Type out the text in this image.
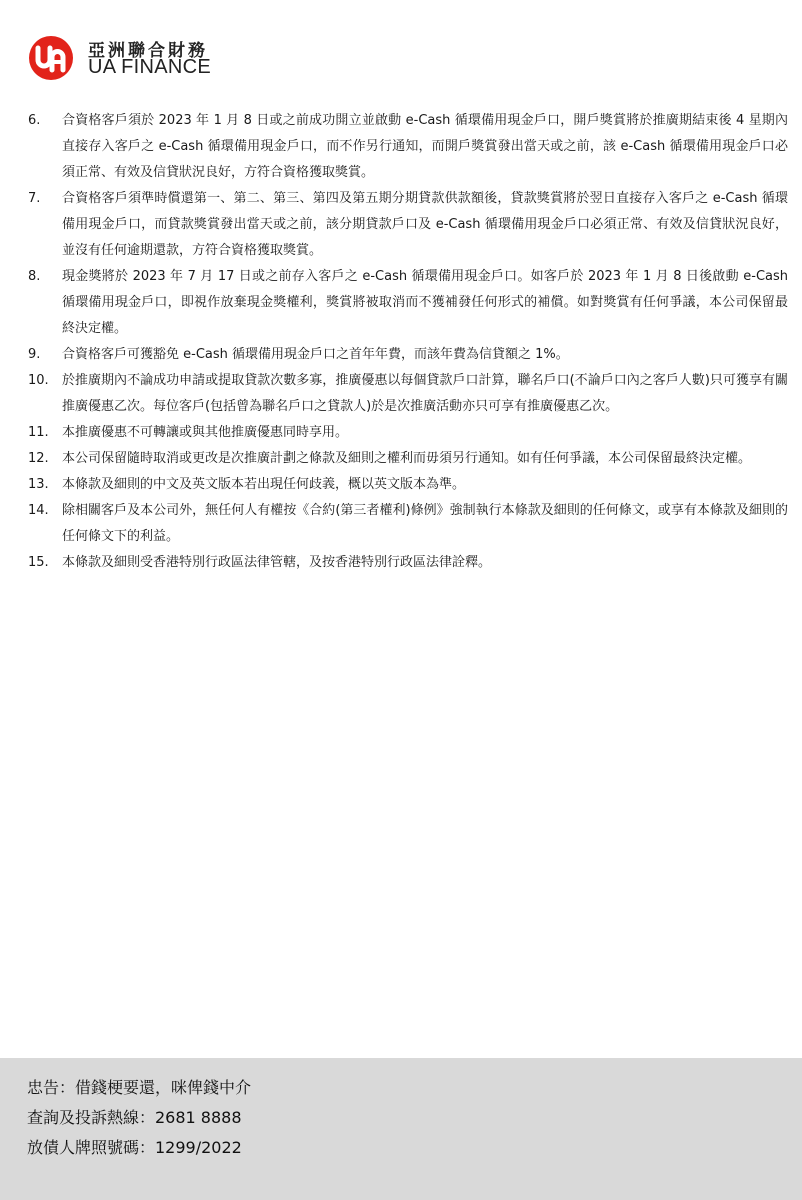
亞洲聯合財務
UA FINANCE
6.	合資格客戶須於 2023 年 1 月 8 日或之前成功開立並啟動 e-Cash 循環備用現金戶口，開戶獎賞將於推廣期結束後 4 星期內直接存入客戶之 e-Cash 循環備用現金戶口，而不作另行通知，而開戶獎賞發出當天或之前，該 e-Cash 循環備用現金戶口必須正常、有效及信貸狀況良好，方符合資格獲取獎賞。
7.	合資格客戶須準時償還第一、第二、第三、第四及第五期分期貸款供款額後，貸款獎賞將於翌日直接存入客戶之 e-Cash 循環備用現金戶口，而貸款獎賞發出當天或之前，該分期貸款戶口及 e-Cash 循環備用現金戶口必須正常、有效及信貸狀況良好，並沒有任何逾期還款，方符合資格獲取獎賞。
8.	現金獎將於 2023 年 7 月 17 日或之前存入客戶之 e-Cash 循環備用現金戶口。如客戶於 2023 年 1 月 8 日後啟動 e-Cash 循環備用現金戶口，即視作放棄現金獎權利，獎賞將被取消而不獲補發任何形式的補償。如對獎賞有任何爭議，本公司保留最終決定權。
9.	合資格客戶可獲豁免 e-Cash 循環備用現金戶口之首年年費，而該年費為信貸額之 1%。
10.	於推廣期內不論成功申請或提取貸款次數多寡，推廣優惠以每個貸款戶口計算，聯名戶口(不論戶口內之客戶人數)只可獲享有關推廣優惠乙次。每位客戶(包括曾為聯名戶口之貸款人)於是次推廣活動亦只可享有推廣優惠乙次。
11.	本推廣優惠不可轉讓或與其他推廣優惠同時享用。
12.	本公司保留隨時取消或更改是次推廣計劃之條款及細則之權利而毋須另行通知。如有任何爭議，本公司保留最終決定權。
13.	本條款及細則的中文及英文版本若出現任何歧義，概以英文版本為準。
14.	除相關客戶及本公司外，無任何人有權按《合約(第三者權利)條例》強制執行本條款及細則的任何條文，或享有本條款及細則的任何條文下的利益。
15.	本條款及細則受香港特別行政區法律管轄，及按香港特別行政區法律詮釋。
忠告：借錢梗要還，咪俾錢中介
查詢及投訴熱線：2681 8888
放債人牌照號碼：1299/2022
